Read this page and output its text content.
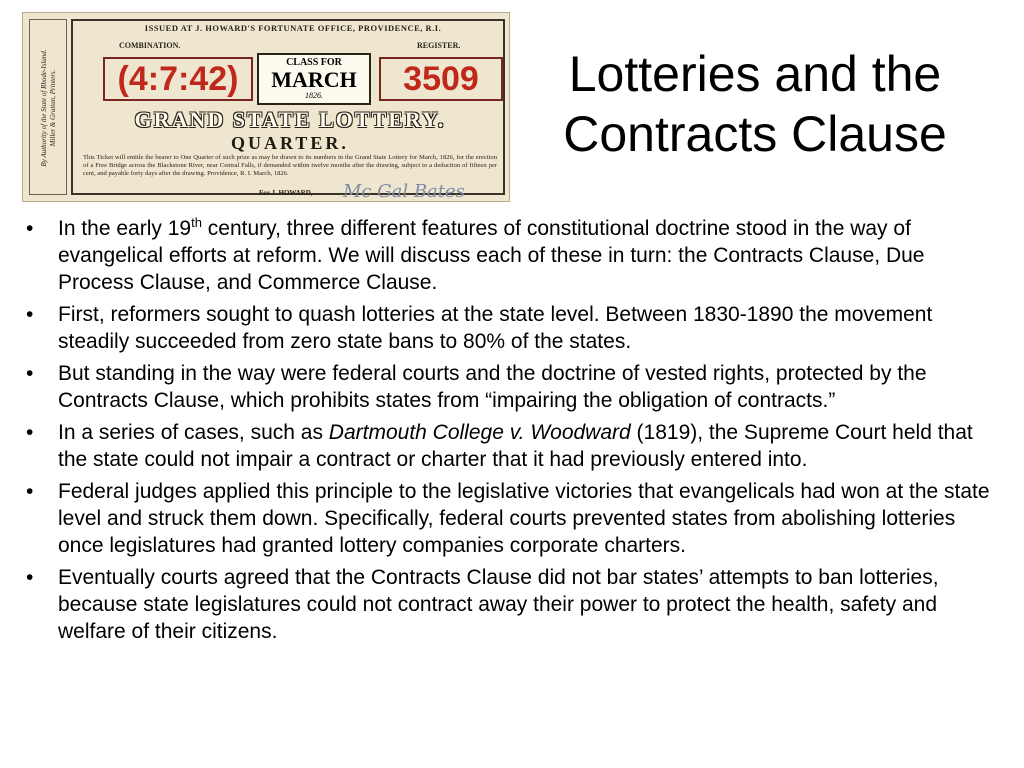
By Authority of the State of Rhode-Island. Miller & Grattan, Printers.
ISSUED AT J. HOWARD'S FORTUNATE OFFICE, PROVIDENCE, R.I.
COMBINATION.	REGISTER.
(4:7:42)	CLASS FOR
MARCH
1826.	3509
GRAND STATE LOTTERY.
QUARTER.
This Ticket will entitle the bearer to One Quarter of such prize as may be drawn to its numbers in the Grand State Lottery for March, 1826, for the erection of a Free Bridge across the Blackstone River, near Central Falls, if demanded within twelve months after the drawing, subject to a deduction of fifteen per cent, and payable forty days after the drawing. Providence, R. I. March, 1826.
For J. HOWARD, Mc Gal Bates
Lotteries and the
Contracts Clause
• In the early 19th century, three different features of constitutional doctrine stood in the way of evangelical efforts at reform. We will discuss each of these in turn: the Contracts Clause, Due Process Clause, and Commerce Clause.
• First, reformers sought to quash lotteries at the state level. Between 1830-1890 the movement steadily succeeded from zero state bans to 80% of the states.
• But standing in the way were federal courts and the doctrine of vested rights, protected by the Contracts Clause, which prohibits states from “impairing the obligation of contracts.”
• In a series of cases, such as Dartmouth College v. Woodward (1819), the Supreme Court held that the state could not impair a contract or charter that it had previously entered into.
• Federal judges applied this principle to the legislative victories that evangelicals had won at the state level and struck them down. Specifically, federal courts prevented states from abolishing lotteries once legislatures had granted lottery companies corporate charters.
• Eventually courts agreed that the Contracts Clause did not bar states’ attempts to ban lotteries, because state legislatures could not contract away their power to protect the health, safety and welfare of their citizens.
